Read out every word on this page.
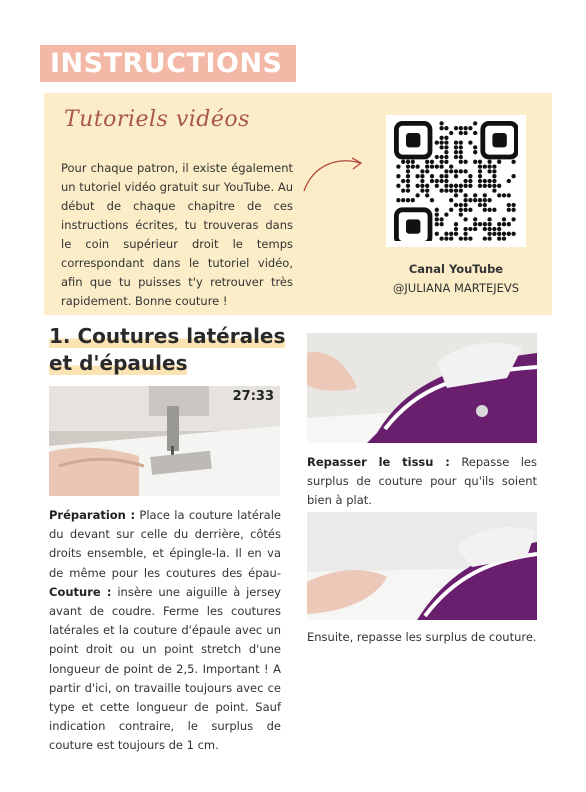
INSTRUCTIONS
Tutoriels vidéos
Pour chaque patron, il existe également un tutoriel vidéo gratuit sur YouTube. Au début de chaque chapitre de ces instructions écrites, tu trouveras dans le coin supérieur droit le temps correspondant dans le tutoriel vidéo, afin que tu puisses t'y retrouver très rapidement. Bonne couture !
Canal YouTube
@JULIANA MARTEJEVS
1. Coutures latérales
et d'épaules
27:33
Préparation : Place la couture latérale du devant sur celle du derrière, côtés droits ensemble, et épingle-la. Il en va de même pour les coutures des épau- Couture : insère une aiguille à jersey avant de coudre. Ferme les coutures latérales et la couture d'épaule avec un point droit ou un point stretch d'une longueur de point de 2,5. Important ! A partir d'ici, on travaille toujours avec ce type et cette longueur de point. Sauf indication contraire, le surplus de couture est toujours de 1 cm.
Repasser le tissu : Repasse les surplus de couture pour qu'ils soient bien à plat.
Ensuite, repasse les surplus de couture.
